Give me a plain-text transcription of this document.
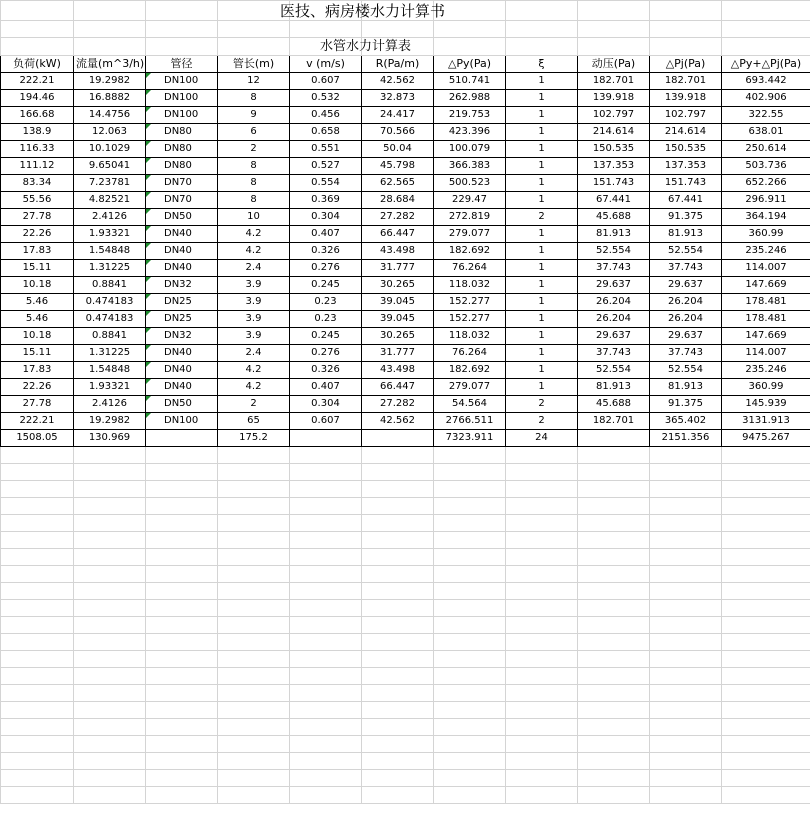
			医技、病房楼水力计算书							

				水管水力计算表						
负荷(kW)	流量(m^3/h)	管径	管长(m)	v (m/s)	R(Pa/m)	△Py(Pa)	ξ	动压(Pa)	△Pj(Pa)	△Py+△Pj(Pa)
222.21	19.2982	DN100	12	0.607	42.562	510.741	1	182.701	182.701	693.442
194.46	16.8882	DN100	8	0.532	32.873	262.988	1	139.918	139.918	402.906
166.68	14.4756	DN100	9	0.456	24.417	219.753	1	102.797	102.797	322.55
138.9	12.063	DN80	6	0.658	70.566	423.396	1	214.614	214.614	638.01
116.33	10.1029	DN80	2	0.551	50.04	100.079	1	150.535	150.535	250.614
111.12	9.65041	DN80	8	0.527	45.798	366.383	1	137.353	137.353	503.736
83.34	7.23781	DN70	8	0.554	62.565	500.523	1	151.743	151.743	652.266
55.56	4.82521	DN70	8	0.369	28.684	229.47	1	67.441	67.441	296.911
27.78	2.4126	DN50	10	0.304	27.282	272.819	2	45.688	91.375	364.194
22.26	1.93321	DN40	4.2	0.407	66.447	279.077	1	81.913	81.913	360.99
17.83	1.54848	DN40	4.2	0.326	43.498	182.692	1	52.554	52.554	235.246
15.11	1.31225	DN40	2.4	0.276	31.777	76.264	1	37.743	37.743	114.007
10.18	0.8841	DN32	3.9	0.245	30.265	118.032	1	29.637	29.637	147.669
5.46	0.474183	DN25	3.9	0.23	39.045	152.277	1	26.204	26.204	178.481
5.46	0.474183	DN25	3.9	0.23	39.045	152.277	1	26.204	26.204	178.481
10.18	0.8841	DN32	3.9	0.245	30.265	118.032	1	29.637	29.637	147.669
15.11	1.31225	DN40	2.4	0.276	31.777	76.264	1	37.743	37.743	114.007
17.83	1.54848	DN40	4.2	0.326	43.498	182.692	1	52.554	52.554	235.246
22.26	1.93321	DN40	4.2	0.407	66.447	279.077	1	81.913	81.913	360.99
27.78	2.4126	DN50	2	0.304	27.282	54.564	2	45.688	91.375	145.939
222.21	19.2982	DN100	65	0.607	42.562	2766.511	2	182.701	365.402	3131.913
1508.05	130.969		175.2			7323.911	24		2151.356	9475.267
